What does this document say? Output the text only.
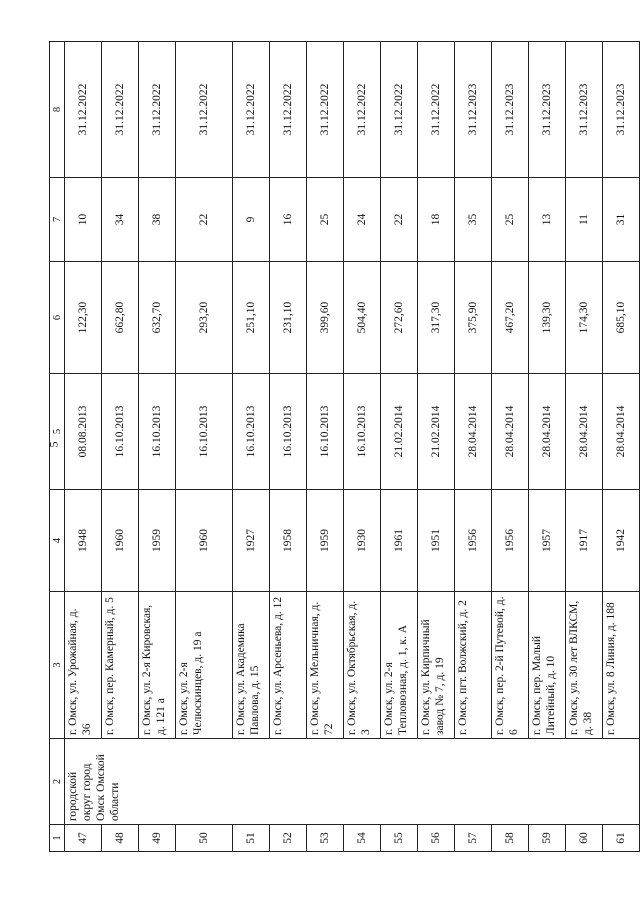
5
1	2	3	4	5	6	7	8
47	городской округ город Омск Омской области	г. Омск, ул. Урожайная, д. 36	1948	08.08.2013	122,30	10	31.12.2022
48		г. Омск, пер. Камерный, д. 5	1960	16.10.2013	662,80	34	31.12.2022
49		г. Омск, ул. 2-я Кировская, д. 121 а	1959	16.10.2013	632,70	38	31.12.2022
50		г. Омск, ул. 2-я Челюскинцев, д. 19 а	1960	16.10.2013	293,20	22	31.12.2022
51		г. Омск, ул. Академика Павлова, д. 15	1927	16.10.2013	251,10	9	31.12.2022
52		г. Омск, ул. Арсеньева, д. 12	1958	16.10.2013	231,10	16	31.12.2022
53		г. Омск, ул. Мельничная, д. 72	1959	16.10.2013	399,60	25	31.12.2022
54		г. Омск, ул. Октябрьская, д. 3	1930	16.10.2013	504,40	24	31.12.2022
55		г. Омск, ул. 2-я Тепловозная, д. 1, к. А	1961	21.02.2014	272,60	22	31.12.2022
56		г. Омск, ул. Кирпичный завод № 7, д. 19	1951	21.02.2014	317,30	18	31.12.2022
57		г. Омск, пгт. Волжский, д. 2	1956	28.04.2014	375,90	35	31.12.2023
58		г. Омск, пер. 2-й Путевой, д. 6	1956	28.04.2014	467,20	25	31.12.2023
59		г. Омск, пер. Малый Литейный, д. 10	1957	28.04.2014	139,30	13	31.12.2023
60		г. Омск, ул. 30 лет ВЛКСМ, д. 38	1917	28.04.2014	174,30	11	31.12.2023
61		г. Омск, ул. 8 Линия, д. 188	1942	28.04.2014	685,10	31	31.12.2023
